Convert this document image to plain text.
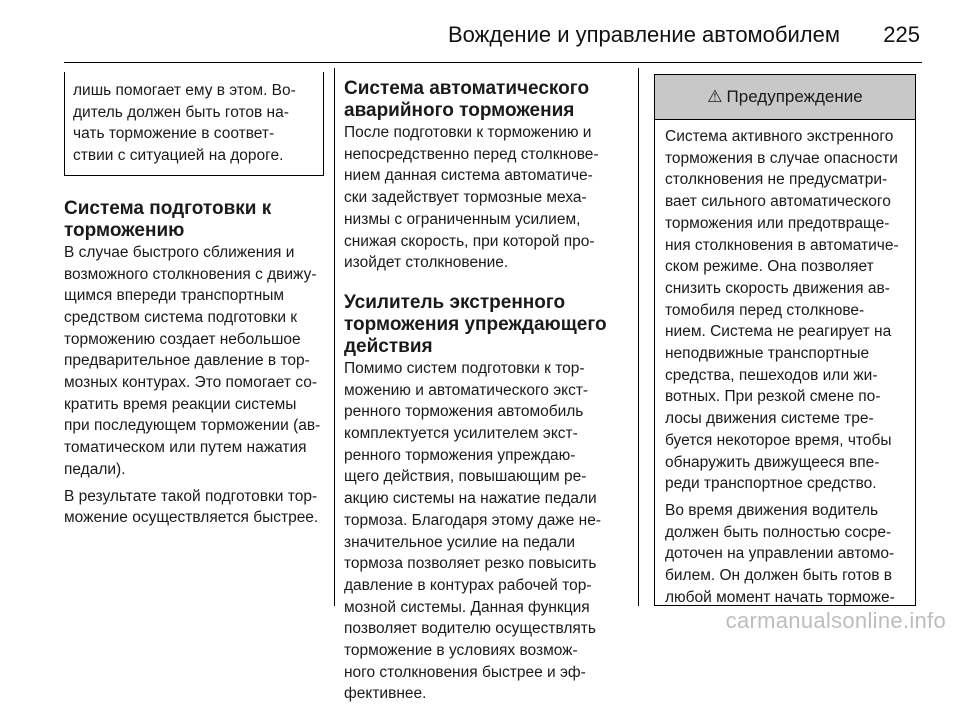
Вождение и управление автомобилем 225
лишь помогает ему в этом. Во-
дитель должен быть готов на-
чать торможение в соответ-
ствии с ситуацией на дороге.
Система подготовки к
торможению
В случае быстрого сближения и
возможного столкновения с движу-
щимся впереди транспортным
средством система подготовки к
торможению создает небольшое
предварительное давление в тор-
мозных контурах. Это помогает со-
кратить время реакции системы
при последующем торможении (ав-
томатическом или путем нажатия
педали).
В результате такой подготовки тор-
можение осуществляется быстрее.
Система автоматического
аварийного торможения
После подготовки к торможению и
непосредственно перед столкнове-
нием данная система автоматиче-
ски задействует тормозные меха-
низмы с ограниченным усилием,
снижая скорость, при которой про-
изойдет столкновение.
Усилитель экстренного
торможения упреждающего
действия
Помимо систем подготовки к тор-
можению и автоматического экст-
ренного торможения автомобиль
комплектуется усилителем экст-
ренного торможения упреждаю-
щего действия, повышающим ре-
акцию системы на нажатие педали
тормоза. Благодаря этому даже не-
значительное усилие на педали
тормоза позволяет резко повысить
давление в контурах рабочей тор-
мозной системы. Данная функция
позволяет водителю осуществлять
торможение в условиях возмож-
ного столкновения быстрее и эф-
фективнее.
⚠ Предупреждение
Система активного экстренного
торможения в случае опасности
столкновения не предусматри-
вает сильного автоматического
торможения или предотвраще-
ния столкновения в автоматиче-
ском режиме. Она позволяет
снизить скорость движения ав-
томобиля перед столкнове-
нием. Система не реагирует на
неподвижные транспортные
средства, пешеходов или жи-
вотных. При резкой смене по-
лосы движения системе тре-
буется некоторое время, чтобы
обнаружить движущееся впе-
реди транспортное средство.
Во время движения водитель
должен быть полностью сосре-
доточен на управлении автомо-
билем. Он должен быть готов в
любой момент начать торможе-
carmanualsonline.info
